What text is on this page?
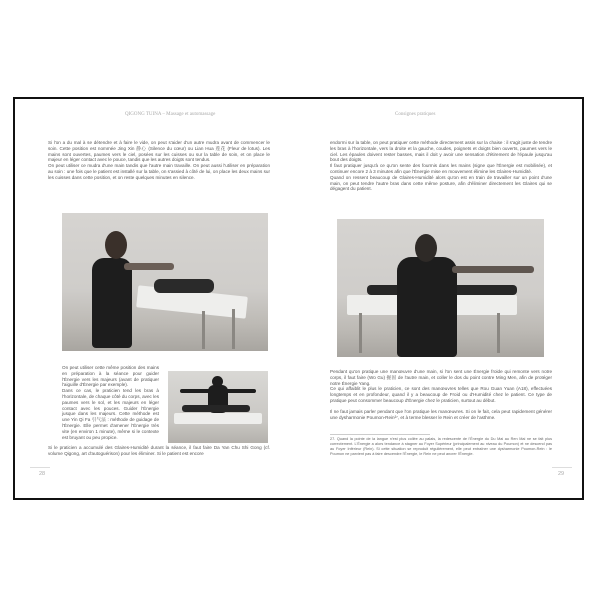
QIGONG TUINA – Massage et automassage

Si l'on a du mal à se détendre et à faire le vide, on peut s'aider d'un autre mudra avant de commencer le soin. Cette position est nommée Jing Xin 静心 (Silence du cœur) ou Lian Hua 莲花 (Fleur de lotus). Les mains sont ouvertes, paumes vers le ciel, posées sur les cuisses ou sur la table de soin, et on place le majeur en léger contact avec le pouce, tandis que les autres doigts sont tendus.

On peut utiliser ce mudra d'une main tandis que l'autre main travaille. On peut aussi l'utiliser en préparation au soin : une fois que le patient est installé sur la table, on s'assied à côté de lui, on place les deux mains sur les cuisses dans cette position, et on reste quelques minutes en silence.

On peut utiliser cette même position des mains en préparation à la séance pour guider l'Énergie vers les majeurs (avant de pratiquer l'aiguille d'Énergie par exemple).

Dans ce cas, le praticien tend les bras à l'horizontale, de chaque côté du corps, avec les paumes vers le sol, et les majeurs en léger contact avec les pouces. Guider l'Énergie jusque dans les majeurs. Cette méthode est une Yin Qi Fa 引气法 : méthode de guidage de l'Énergie. Elle permet d'amener l'Énergie très vite (en environ 1 minute), même si le contexte est bruyant ou peu propice.

Si le praticien a accumulé des Glaires-Humidité durant la séance, il faut faire Da Yan Chu Shi Gong (cf. volume Qigong, art d'autoguérison) pour les éliminer. Si le patient est encore

28
Consignes pratiques

endormi sur la table, on peut pratiquer cette méthode directement assis sur la chaise : il s'agit juste de tendre les bras à l'horizontale, vers la droite et la gauche, coudes, poignets et doigts bien ouverts, paumes vers le ciel. Les épaules doivent rester basses, mais il doit y avoir une sensation d'étirement de l'épaule jusqu'au bout des doigts.

Il faut pratiquer jusqu'à ce qu'on sente des fourmis dans les mains (signe que l'Énergie est mobilisée), et continuer encore 2 à 3 minutes afin que l'Énergie mise en mouvement élimine les Glaires-Humidité.

Quand on ressent beaucoup de Glaires-Humidité alors qu'on est en train de travailler sur un point d'une main, on peut tendre l'autre bras dans cette même posture, afin d'éliminer directement les Glaires qui se dégagent du patient.

Pendant qu'on pratique une manœuvre d'une main, si l'on sent une Énergie froide qui remonte vers notre corps, il faut faire (Wo Gu) 握固 de l'autre main, et coller le dos du point contre Ming Men, afin de protéger notre Énergie Yang.

Ce qui affaiblit le plus le praticien, ce sont des manœuvres telles que Rou Guan Yuan (A18), effectuées longtemps et en profondeur, quand il y a beaucoup de Froid ou d'Humidité chez le patient. Ce type de pratique peut consommer beaucoup d'Énergie chez le praticien, surtout au début.

Il ne faut jamais parler pendant que l'on pratique les manœuvres. Si on le fait, cela peut rapidement générer une dysharmonie Poumon-Rein²⁷, et à terme blesser le Rein et créer de l'asthme.

27. Quand la pointe de la langue n'est plus collée au palais, la redescente de l'Énergie du Du Mai au Ren Mai ne se fait plus correctement. L'Énergie a alors tendance à stagner au Foyer Supérieur (principalement au niveau du Poumon) et ne descend pas au Foyer Inférieur (Rein). Si cette situation se reproduit régulièrement, elle peut entraîner une dysharmonie Poumon-Rein : le Poumon ne parvient pas à faire descendre l'Énergie, le Rein ne peut ancrer l'Énergie.
29
